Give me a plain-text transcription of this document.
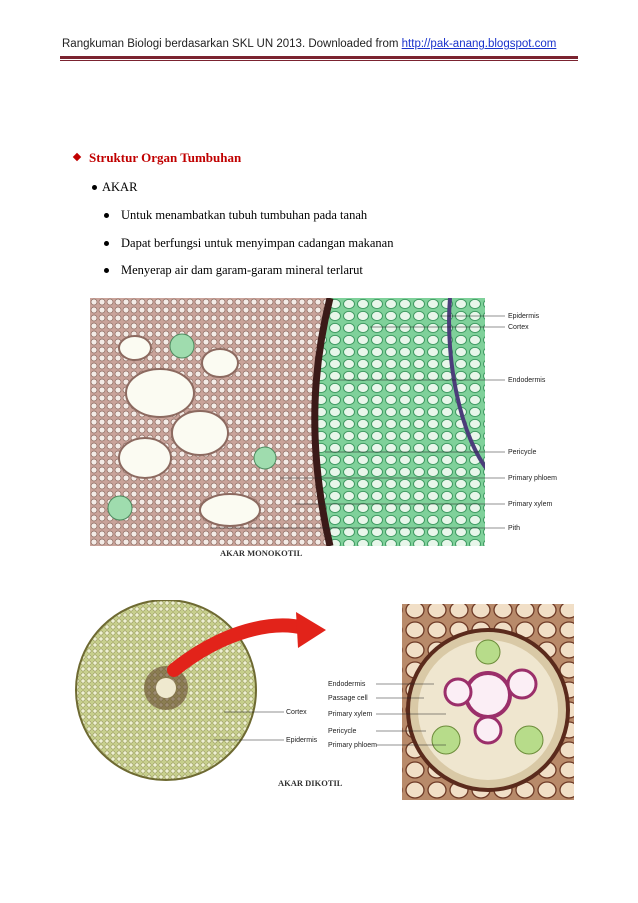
Rangkuman Biologi berdasarkan SKL UN 2013. Downloaded from http://pak-anang.blogspot.com
Struktur Organ Tumbuhan
AKAR
Untuk menambatkan tubuh tumbuhan pada tanah
Dapat berfungsi untuk menyimpan cadangan makanan
Menyerap air dam garam-garam mineral terlarut
Epidermis
Cortex
Endodermis
Pericycle
Primary phloem
Primary xylem
Pith
AKAR MONOKOTIL
Cortex
Epidermis
Endodermis
Passage cell
Primary xylem
Pericycle
Primary phloem
AKAR DIKOTIL
